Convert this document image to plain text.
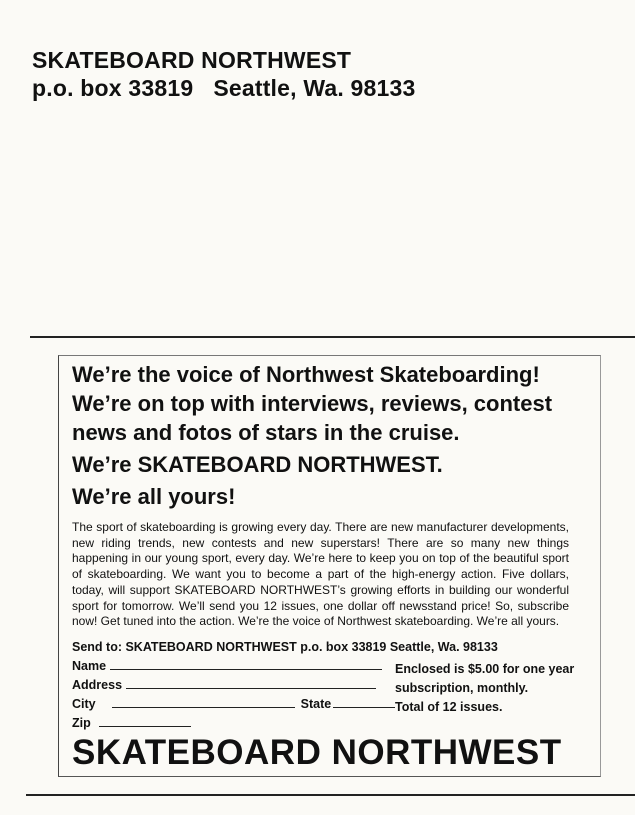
SKATEBOARD NORTHWEST
p.o. box 33819 Seattle, Wa. 98133
We’re the voice of Northwest Skateboarding!
We’re on top with interviews, reviews, contest
news and fotos of stars in the cruise.
We’re SKATEBOARD NORTHWEST.
We’re all yours!
The sport of skateboarding is growing every day. There are new manufacturer developments, new riding trends, new contests and new superstars! There are so many new things happening in our young sport, every day. We’re here to keep you on top of the beautiful sport of skateboarding. We want you to become a part of the high-energy action. Five dollars, today, will support SKATEBOARD NORTHWEST’s growing efforts in building our wonderful sport for tomorrow. We’ll send you 12 issues, one dollar off newsstand price! So, subscribe now! Get tuned into the action. We’re the voice of Northwest skateboarding. We’re all yours.
Send to: SKATEBOARD NORTHWEST p.o. box 33819 Seattle, Wa. 98133
Name
Address
City	State
Zip
Enclosed is $5.00 for one year
subscription, monthly.
Total of 12 issues.
SKATEBOARD NORTHWEST
